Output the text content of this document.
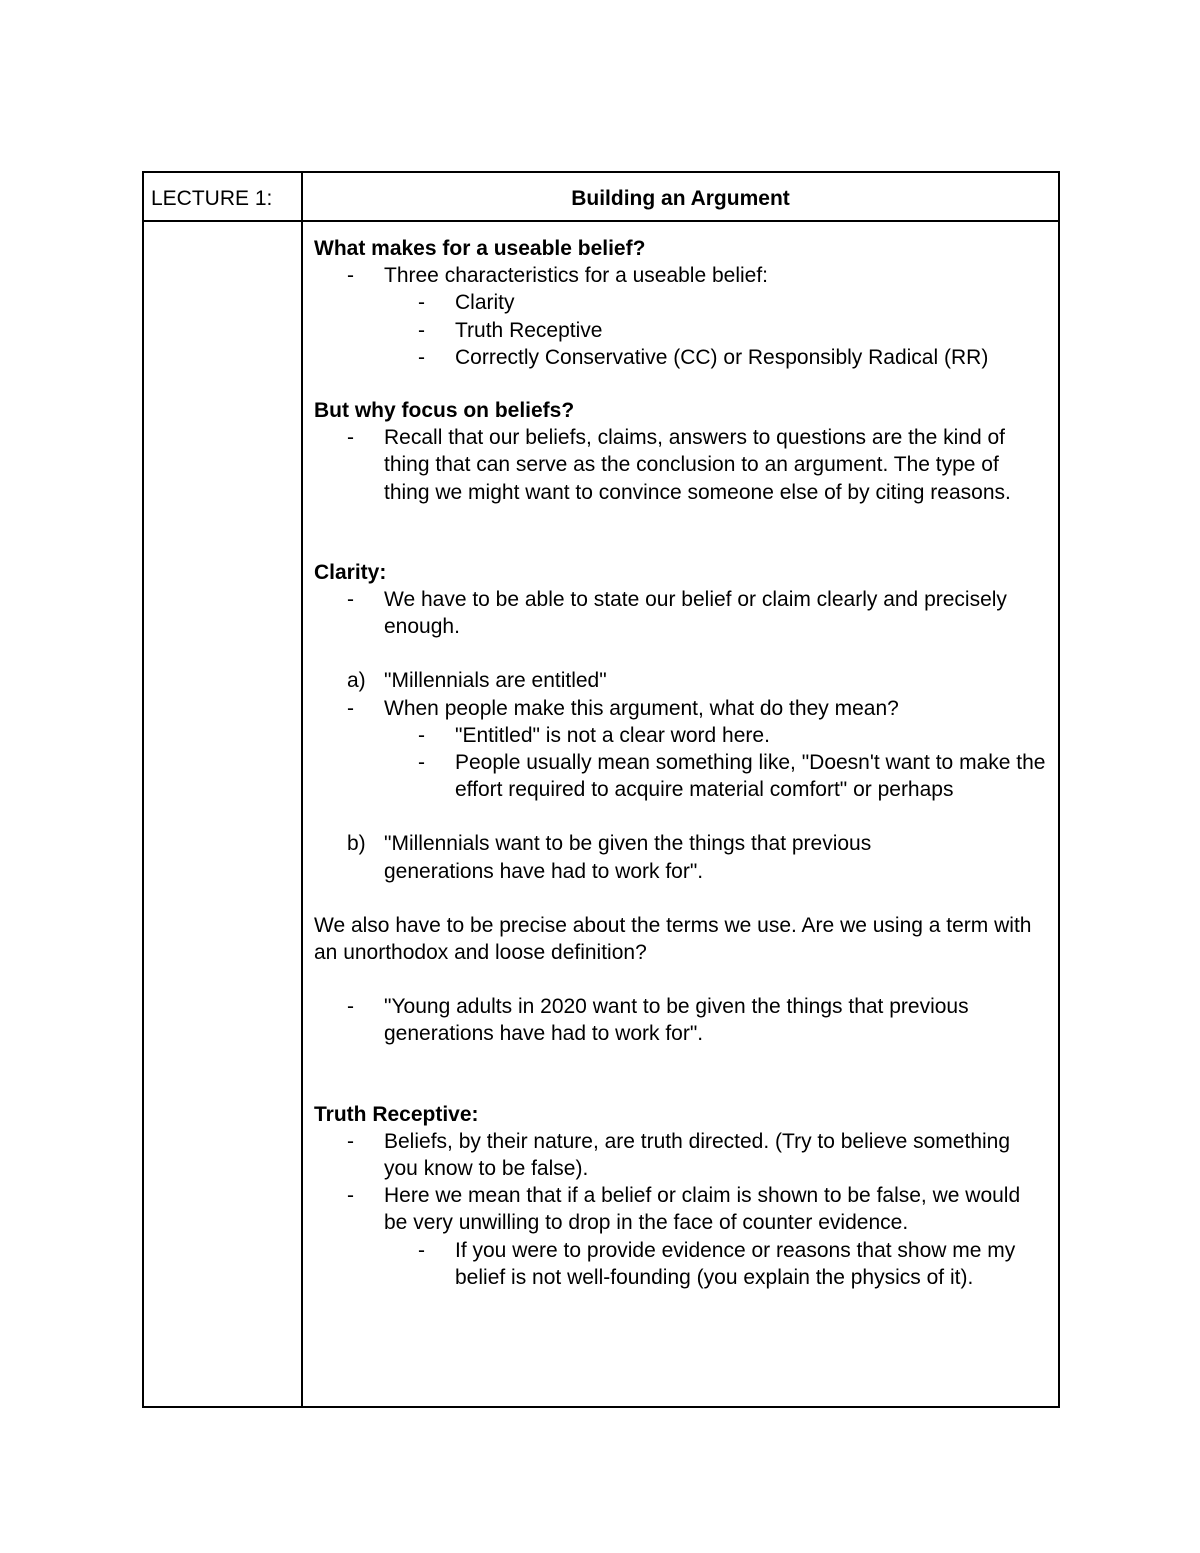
LECTURE 1:	Building an Argument
What makes for a useable belief?
- Three characteristics for a useable belief:
- Clarity
- Truth Receptive
- Correctly Conservative (CC) or Responsibly Radical (RR)
But why focus on beliefs?
- Recall that our beliefs, claims, answers to questions are the kind of thing that can serve as the conclusion to an argument. The type of thing we might want to convince someone else of by citing reasons.
Clarity:
- We have to be able to state our belief or claim clearly and precisely enough.
a) "Millennials are entitled"
- When people make this argument, what do they mean?
- "Entitled" is not a clear word here.
- People usually mean something like, "Doesn't want to make the effort required to acquire material comfort" or perhaps
b) "Millennials want to be given the things that previous generations have had to work for".
We also have to be precise about the terms we use. Are we using a term with an unorthodox and loose definition?
- "Young adults in 2020 want to be given the things that previous generations have had to work for".
Truth Receptive:
- Beliefs, by their nature, are truth directed. (Try to believe something you know to be false).
- Here we mean that if a belief or claim is shown to be false, we would be very unwilling to drop in the face of counter evidence.
- If you were to provide evidence or reasons that show me my belief is not well-founding (you explain the physics of it).
